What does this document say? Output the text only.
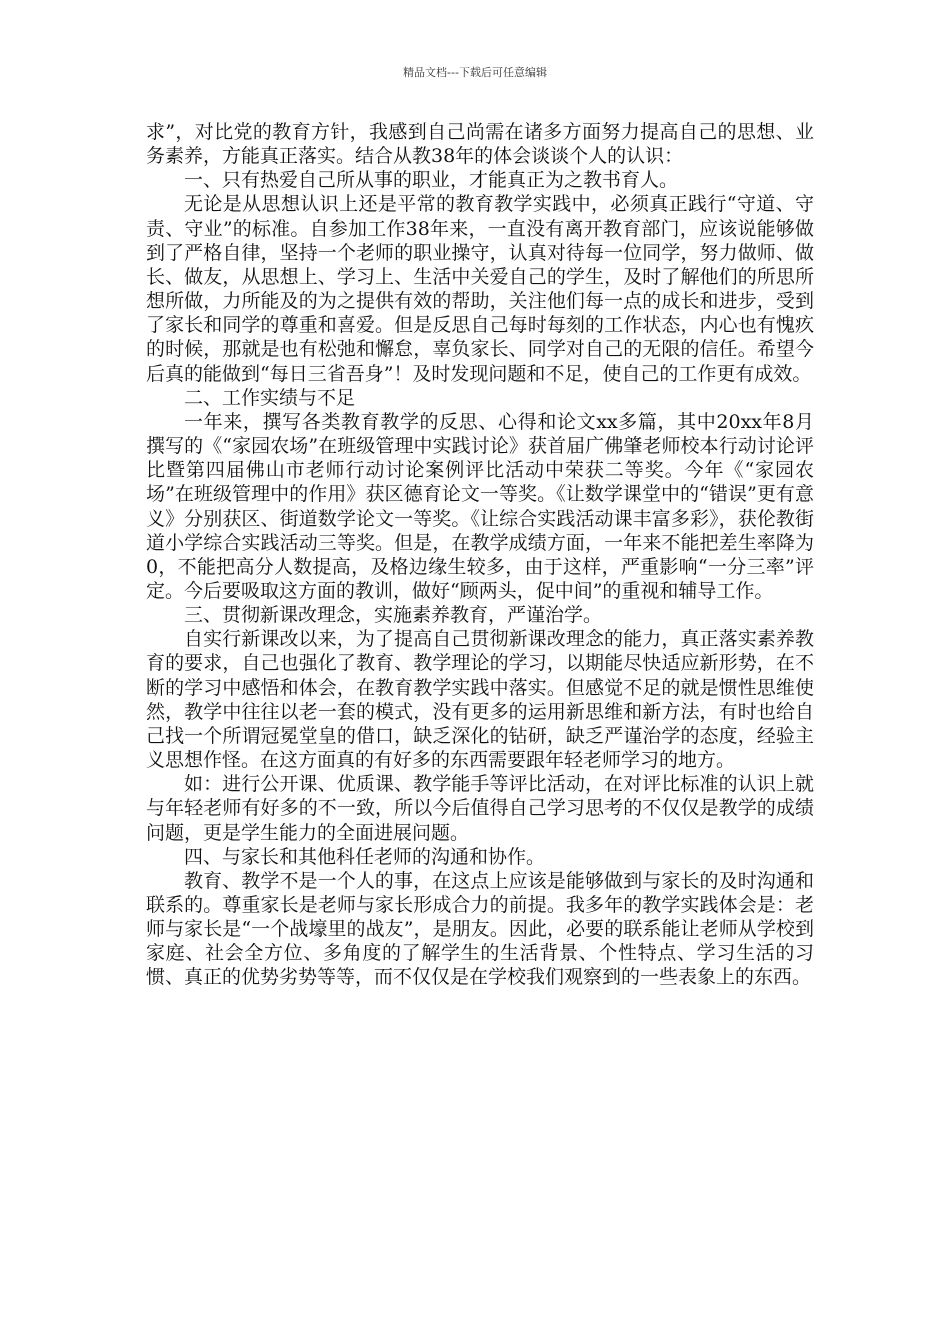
精品文档---下载后可任意编辑

求”，对比党的教育方针，我感到自己尚需在诸多方面努力提高自己的思想、业务素养，方能真正落实。结合从教38年的体会谈谈个人的认识：

一、只有热爱自己所从事的职业，才能真正为之教书育人。

无论是从思想认识上还是平常的教育教学实践中，必须真正践行“守道、守责、守业”的标准。自参加工作38年来，一直没有离开教育部门，应该说能够做到了严格自律，坚持一个老师的职业操守，认真对待每一位同学，努力做师、做长、做友，从思想上、学习上、生活中关爱自己的学生，及时了解他们的所思所想所做，力所能及的为之提供有效的帮助，关注他们每一点的成长和进步，受到了家长和同学的尊重和喜爱。但是反思自己每时每刻的工作状态，内心也有愧疚的时候，那就是也有松弛和懈怠，辜负家长、同学对自己的无限的信任。希望今后真的能做到“每日三省吾身”！及时发现问题和不足，使自己的工作更有成效。

二、工作实绩与不足

一年来，撰写各类教育教学的反思、心得和论文xx多篇，其中20xx年8月撰写的《“家园农场”在班级管理中实践讨论》获首届广佛肇老师校本行动讨论评比暨第四届佛山市老师行动讨论案例评比活动中荣获二等奖。今年《“家园农场”在班级管理中的作用》获区德育论文一等奖。《让数学课堂中的“错误”更有意义》分别获区、街道数学论文一等奖。《让综合实践活动课丰富多彩》，获伦教街道小学综合实践活动三等奖。但是，在教学成绩方面，一年来不能把差生率降为0，不能把高分人数提高，及格边缘生较多，由于这样，严重影响“一分三率”评定。今后要吸取这方面的教训，做好“顾两头，促中间”的重视和辅导工作。

三、贯彻新课改理念，实施素养教育，严谨治学。

自实行新课改以来，为了提高自己贯彻新课改理念的能力，真正落实素养教育的要求，自己也强化了教育、教学理论的学习，以期能尽快适应新形势，在不断的学习中感悟和体会，在教育教学实践中落实。但感觉不足的就是惯性思维使然，教学中往往以老一套的模式，没有更多的运用新思维和新方法，有时也给自己找一个所谓冠冕堂皇的借口，缺乏深化的钻研，缺乏严谨治学的态度，经验主义思想作怪。在这方面真的有好多的东西需要跟年轻老师学习的地方。

如：进行公开课、优质课、教学能手等评比活动，在对评比标准的认识上就与年轻老师有好多的不一致，所以今后值得自己学习思考的不仅仅是教学的成绩问题，更是学生能力的全面进展问题。

四、与家长和其他科任老师的沟通和协作。

教育、教学不是一个人的事，在这点上应该是能够做到与家长的及时沟通和联系的。尊重家长是老师与家长形成合力的前提。我多年的教学实践体会是：老师与家长是“一个战壕里的战友”，是朋友。因此，必要的联系能让老师从学校到家庭、社会全方位、多角度的了解学生的生活背景、个性特点、学习生活的习惯、真正的优势劣势等等，而不仅仅是在学校我们观察到的一些表象上的东西。
